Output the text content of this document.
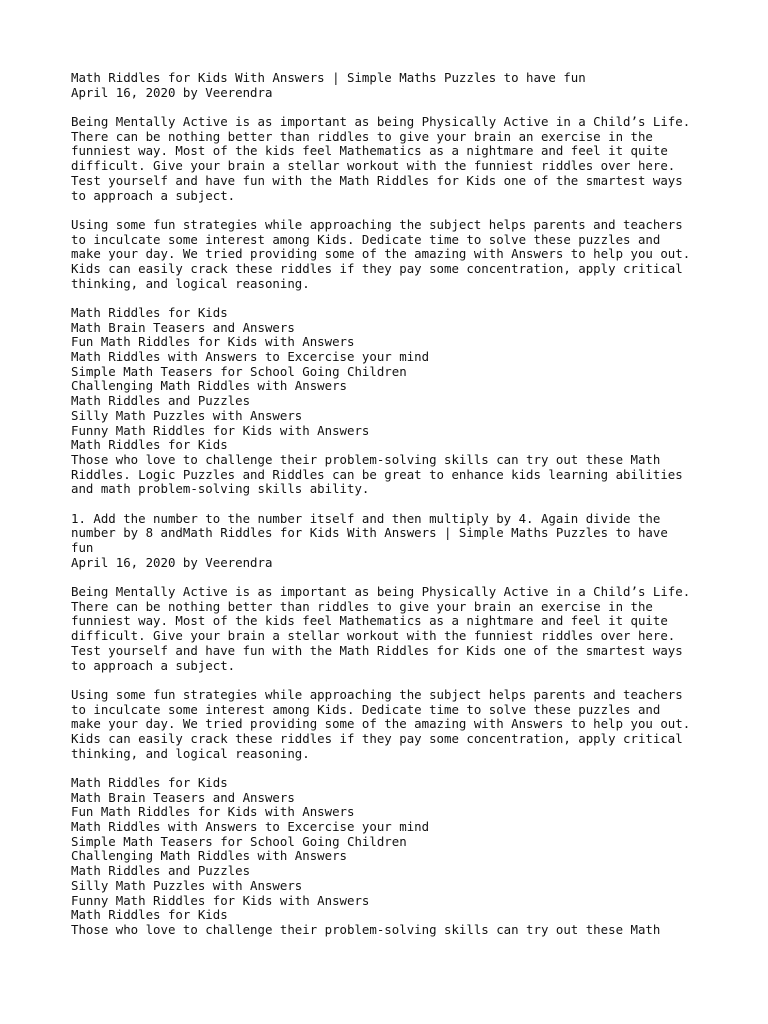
Math Riddles for Kids With Answers | Simple Maths Puzzles to have fun
April 16, 2020 by Veerendra
Being Mentally Active is as important as being Physically Active in a Child’s Life.
There can be nothing better than riddles to give your brain an exercise in the
funniest way. Most of the kids feel Mathematics as a nightmare and feel it quite
difficult. Give your brain a stellar workout with the funniest riddles over here.
Test yourself and have fun with the Math Riddles for Kids one of the smartest ways
to approach a subject.
Using some fun strategies while approaching the subject helps parents and teachers
to inculcate some interest among Kids. Dedicate time to solve these puzzles and
make your day. We tried providing some of the amazing with Answers to help you out.
Kids can easily crack these riddles if they pay some concentration, apply critical
thinking, and logical reasoning.
Math Riddles for Kids
Math Brain Teasers and Answers
Fun Math Riddles for Kids with Answers
Math Riddles with Answers to Excercise your mind
Simple Math Teasers for School Going Children
Challenging Math Riddles with Answers
Math Riddles and Puzzles
Silly Math Puzzles with Answers
Funny Math Riddles for Kids with Answers
Math Riddles for Kids
Those who love to challenge their problem-solving skills can try out these Math
Riddles. Logic Puzzles and Riddles can be great to enhance kids learning abilities
and math problem-solving skills ability.
1. Add the number to the number itself and then multiply by 4. Again divide the
number by 8 andMath Riddles for Kids With Answers | Simple Maths Puzzles to have
fun
April 16, 2020 by Veerendra
Being Mentally Active is as important as being Physically Active in a Child’s Life.
There can be nothing better than riddles to give your brain an exercise in the
funniest way. Most of the kids feel Mathematics as a nightmare and feel it quite
difficult. Give your brain a stellar workout with the funniest riddles over here.
Test yourself and have fun with the Math Riddles for Kids one of the smartest ways
to approach a subject.
Using some fun strategies while approaching the subject helps parents and teachers
to inculcate some interest among Kids. Dedicate time to solve these puzzles and
make your day. We tried providing some of the amazing with Answers to help you out.
Kids can easily crack these riddles if they pay some concentration, apply critical
thinking, and logical reasoning.
Math Riddles for Kids
Math Brain Teasers and Answers
Fun Math Riddles for Kids with Answers
Math Riddles with Answers to Excercise your mind
Simple Math Teasers for School Going Children
Challenging Math Riddles with Answers
Math Riddles and Puzzles
Silly Math Puzzles with Answers
Funny Math Riddles for Kids with Answers
Math Riddles for Kids
Those who love to challenge their problem-solving skills can try out these Math
